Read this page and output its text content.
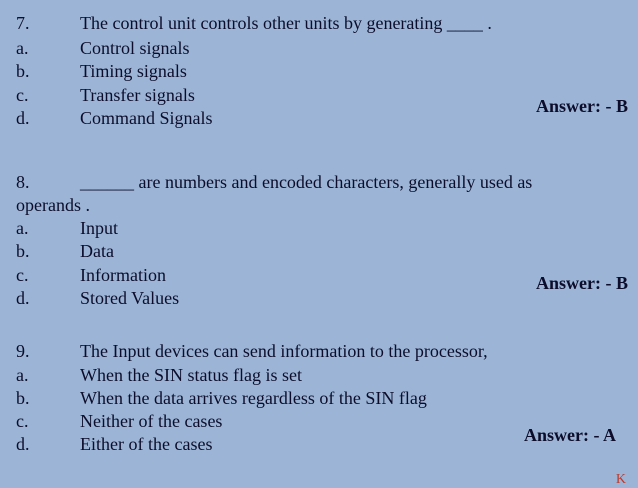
7.	The control unit controls other units by generating ____ .
a.	Control signals
b.	Timing signals
c.	Transfer signals
d.	Command Signals
Answer: - B
8.	______ are numbers and encoded characters, generally used as
operands .
a.	Input
b.	Data
c.	Information
d.	Stored Values
Answer: - B
9.	The Input devices can send information to the processor,
a.	When the SIN status flag is set
b.	When the data arrives regardless of the SIN flag
c.	Neither of the cases
d.	Either of the cases	Answer: - A
K
